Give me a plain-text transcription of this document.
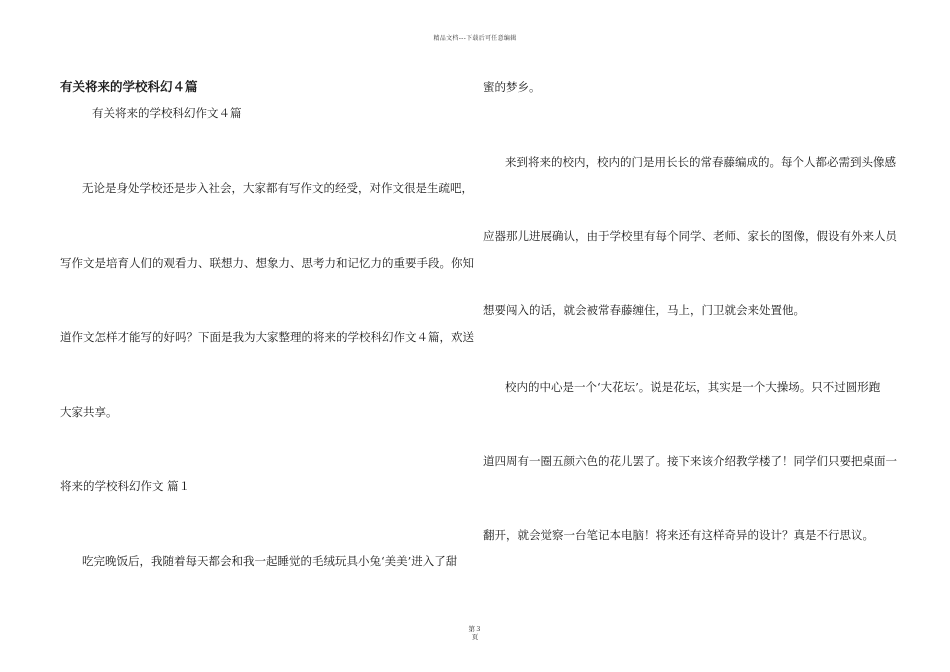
精品文档---下载后可任意编辑
有关将来的学校科幻４篇
有关将来的学校科幻作文４篇
无论是身处学校还是步入社会，大家都有写作文的经受，对作文很是生疏吧，
写作文是培育人们的观看力、联想力、想象力、思考力和记忆力的重要手段。你知
道作文怎样才能写的好吗？下面是我为大家整理的将来的学校科幻作文４篇，欢送
大家共享。
将来的学校科幻作文 篇１
吃完晚饭后，我随着每天都会和我一起睡觉的毛绒玩具小兔‘美美’进入了甜
蜜的梦乡。
来到将来的校内，校内的门是用长长的常春藤编成的。每个人都必需到头像感
应器那儿进展确认，由于学校里有每个同学、老师、家长的图像，假设有外来人员
想要闯入的话，就会被常春藤缠住，马上，门卫就会来处置他。
校内的中心是一个‘大花坛’。说是花坛，其实是一个大操场。只不过圆形跑
道四周有一圈五颜六色的花儿罢了。接下来该介绍教学楼了！同学们只要把桌面一
翻开，就会觉察一台笔记本电脑！将来还有这样奇异的设计？真是不行思议。
第３
页
